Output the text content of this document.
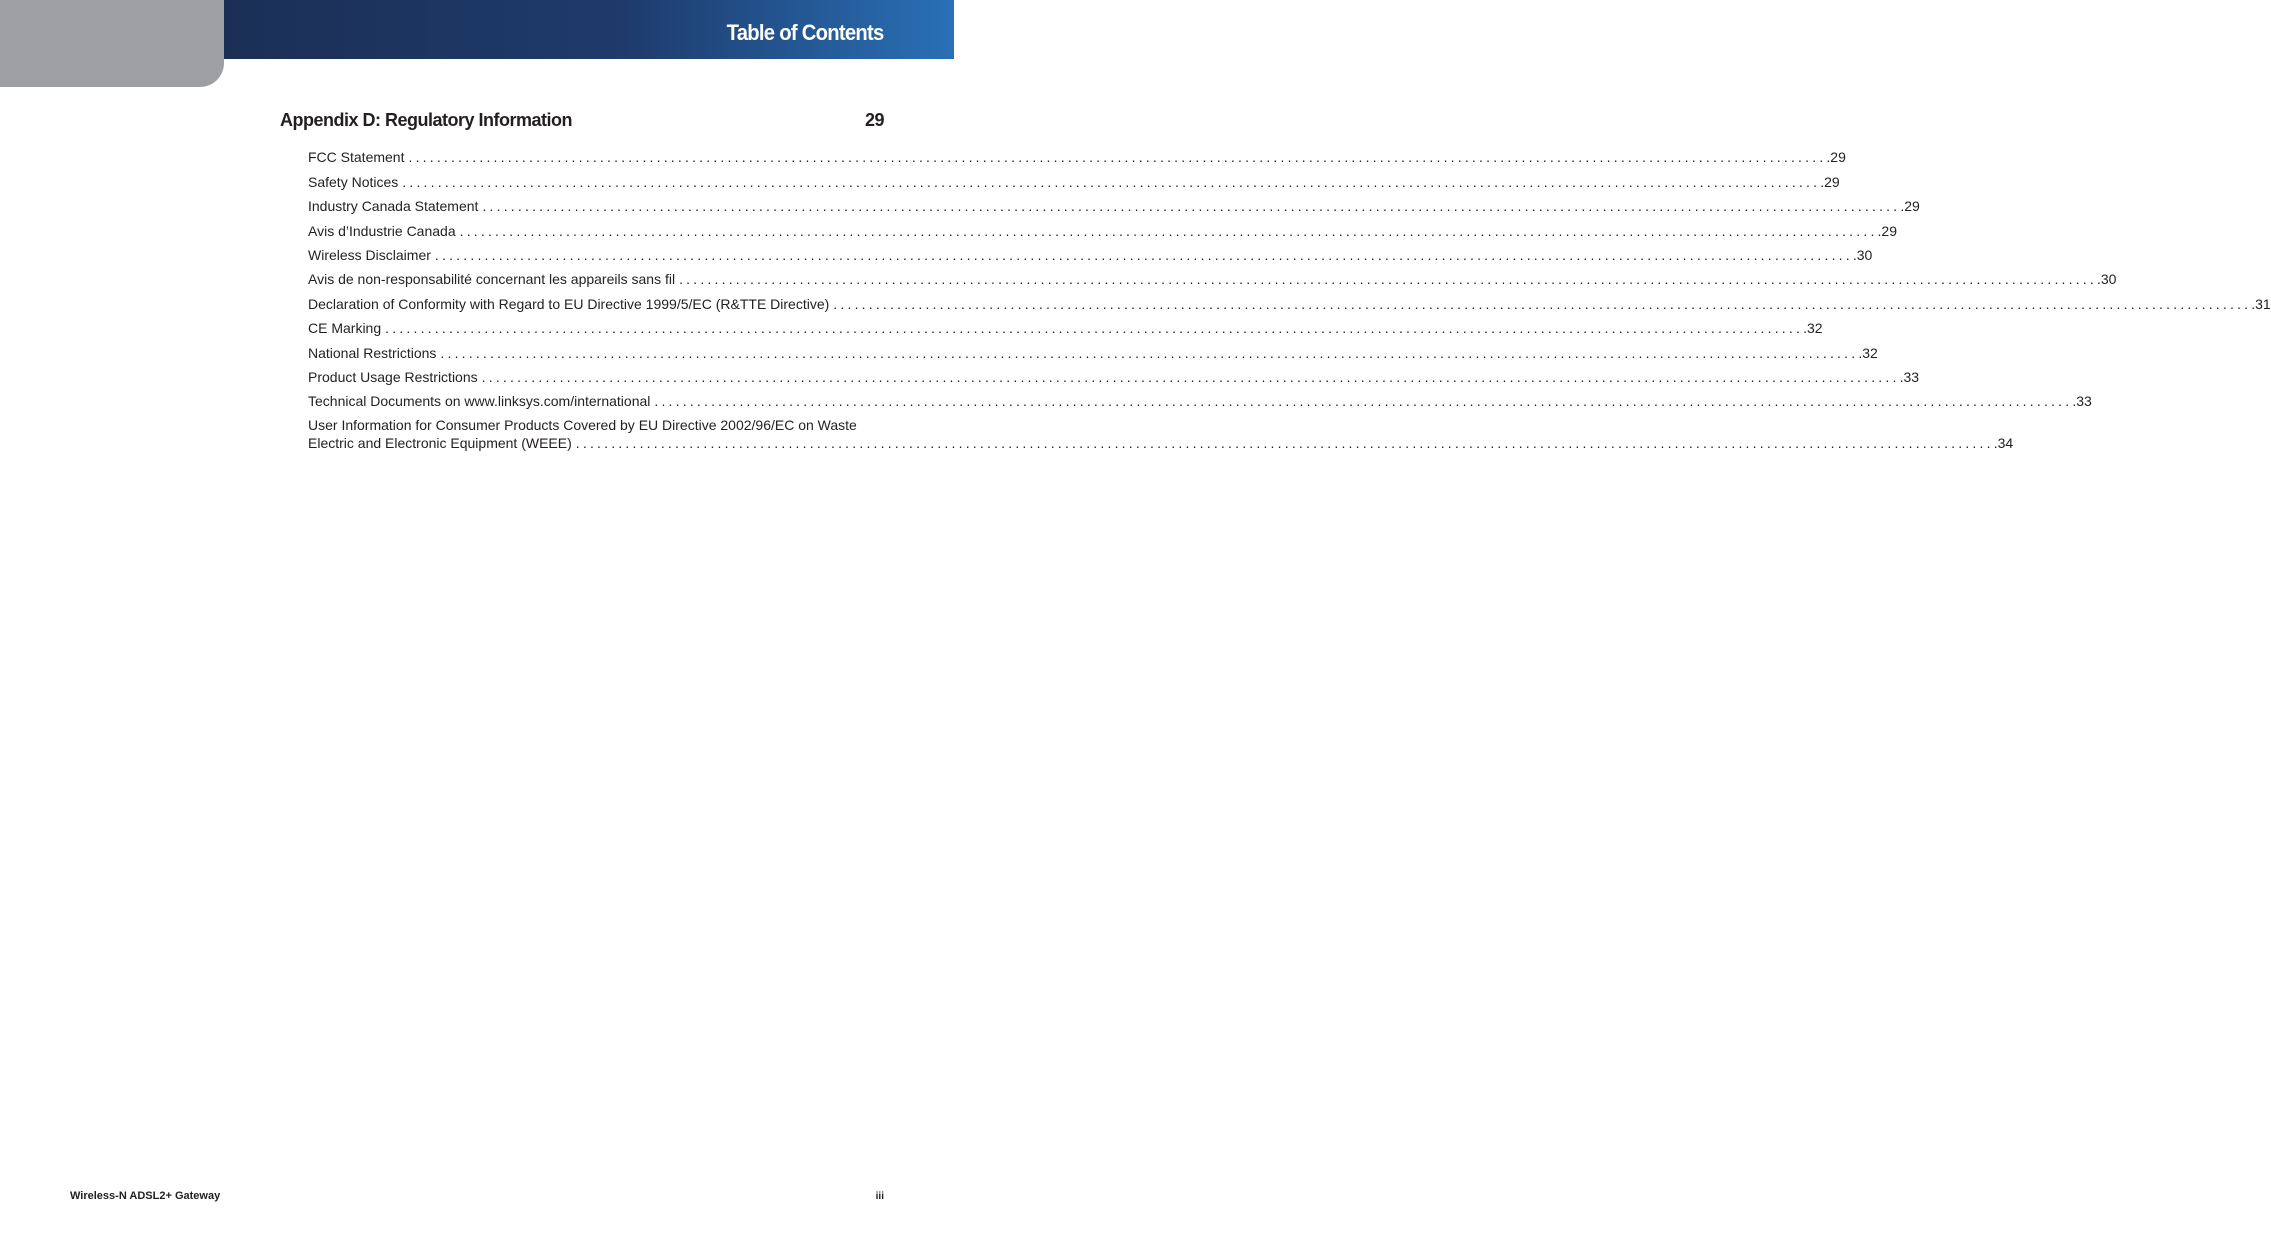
Table of Contents
Appendix D: Regulatory Information	29
FCC Statement ........................................................................................................................................................................................................ .29
Safety Notices ........................................................................................................................................................................................................ .29
Industry Canada Statement ........................................................................................................................................................................................................ .29
Avis d’Industrie Canada ........................................................................................................................................................................................................ .29
Wireless Disclaimer ........................................................................................................................................................................................................ .30
Avis de non-responsabilité concernant les appareils sans fil ........................................................................................................................................................................................................ .30
Declaration of Conformity with Regard to EU Directive 1999/5/EC (R&TTE Directive) ........................................................................................................................................................................................................ .31
CE Marking ........................................................................................................................................................................................................ .32
National Restrictions ........................................................................................................................................................................................................ .32
Product Usage Restrictions ........................................................................................................................................................................................................ .33
Technical Documents on www.linksys.com/international ........................................................................................................................................................................................................ .33
User Information for Consumer Products Covered by EU Directive 2002/96/EC on Waste
Electric and Electronic Equipment (WEEE) ........................................................................................................................................................................................................ .34
Wireless-N ADSL2+ Gateway	iii
